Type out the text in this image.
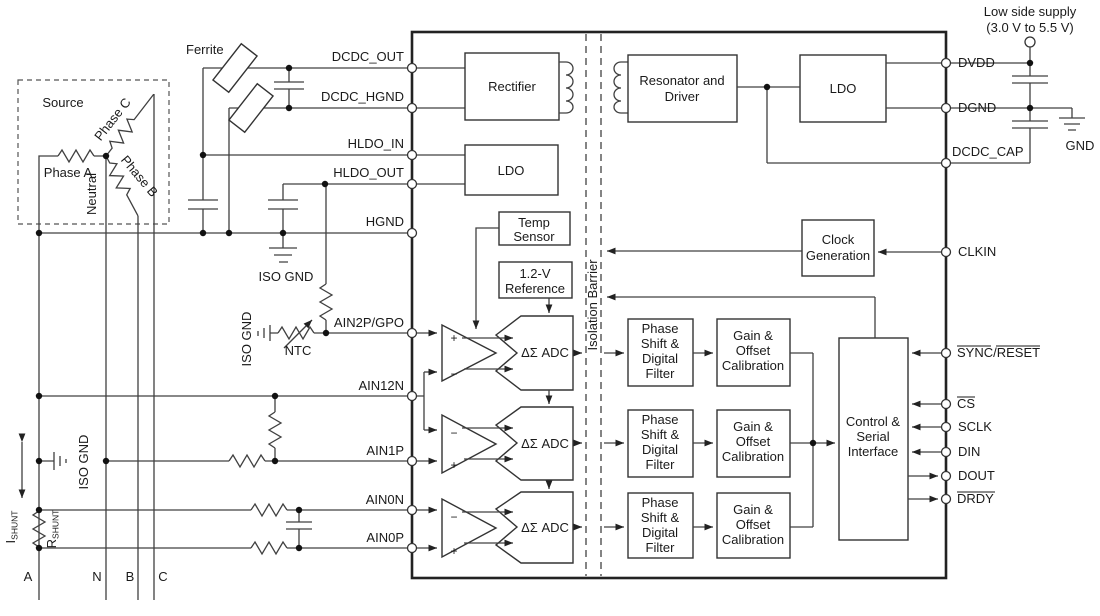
Isolation Barrier
Source
Phase A
Neutral
Phase C
Phase B
A	N B C
ISHUNT
RSHUNT
ISO GND
ISO GND
ISO GND NTC
Ferrite
Rectifier
LDO
Temp
Sensor
1.2-V
Reference
+
−
−
+
−
+
ΔΣ ADC
ΔΣ ADC
ΔΣ ADC
Resonator and
Driver
LDO
Clock
Generation
Phase
Shift &
Digital
Filter
Phase
Shift &
Digital
Filter
Phase
Shift &
Digital
Filter
Gain &
Offset
Calibration
Gain &
Offset
Calibration
Gain &
Offset
Calibration
Control &
Serial
Interface
Low side supply
(3.0 V to 5.5 V)
GND
DCDC_OUT
DCDC_HGND
HLDO_IN
HLDO_OUT
HGND
AIN2P/GPO
AIN12N
AIN1P
AIN0N
AIN0P
DVDD
DGND
DCDC_CAP
CLKIN
SYNC/RESET
CS
SCLK
DIN
DOUT
DRDY
